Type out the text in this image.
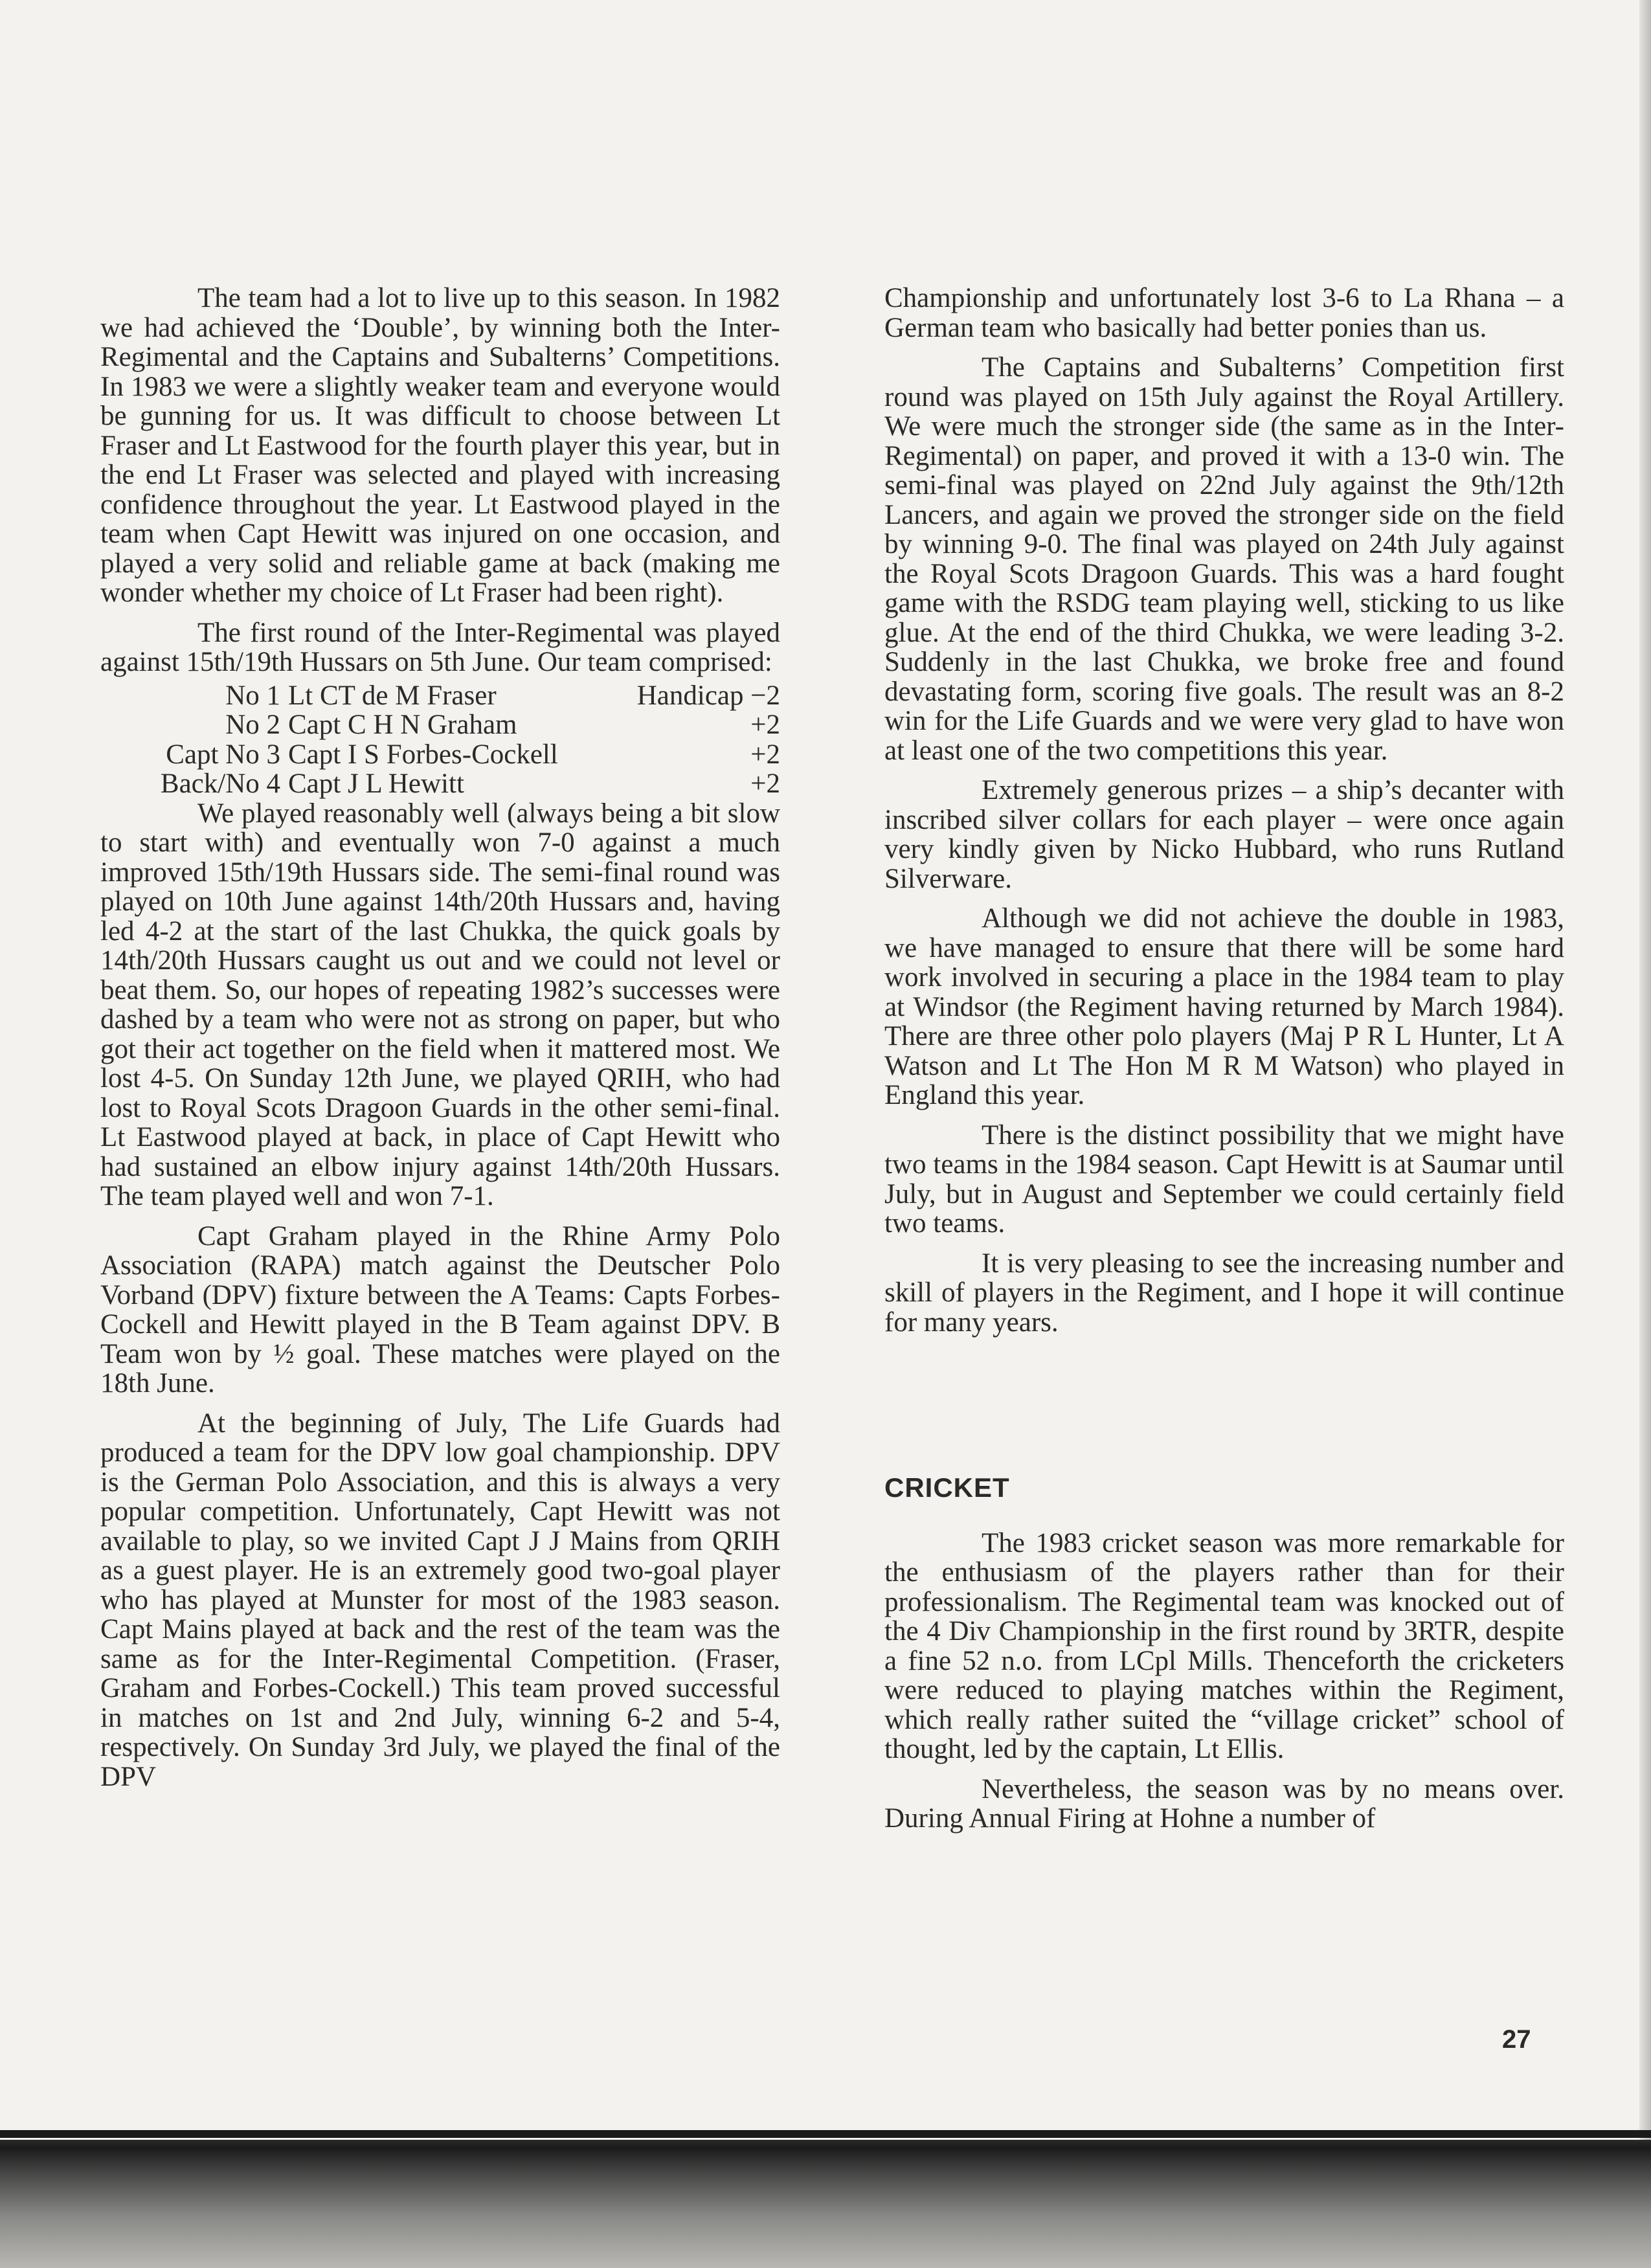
The team had a lot to live up to this season. In 1982 we had achieved the ‘Double’, by winning both the Inter-Regimental and the Captains and Subalterns’ Competitions. In 1983 we were a slightly weaker team and everyone would be gunning for us. It was difficult to choose between Lt Fraser and Lt Eastwood for the fourth player this year, but in the end Lt Fraser was selected and played with increasing confidence throughout the year. Lt Eastwood played in the team when Capt Hewitt was injured on one occasion, and played a very solid and reliable game at back (making me wonder whether my choice of Lt Fraser had been right).

The first round of the Inter-Regimental was played against 15th/19th Hussars on 5th June. Our team comprised:

No 1 Lt CT de M Fraser	Handicap −2
No 2 Capt C H N Graham	+2
Capt No 3 Capt I S Forbes-Cockell	+2
Back/No 4 Capt J L Hewitt	+2

We played reasonably well (always being a bit slow to start with) and eventually won 7-0 against a much improved 15th/19th Hussars side. The semi-final round was played on 10th June against 14th/20th Hussars and, having led 4-2 at the start of the last Chukka, the quick goals by 14th/20th Hussars caught us out and we could not level or beat them. So, our hopes of repeating 1982’s successes were dashed by a team who were not as strong on paper, but who got their act together on the field when it mattered most. We lost 4-5. On Sunday 12th June, we played QRIH, who had lost to Royal Scots Dragoon Guards in the other semi-final. Lt Eastwood played at back, in place of Capt Hewitt who had sustained an elbow injury against 14th/20th Hussars. The team played well and won 7-1.

Capt Graham played in the Rhine Army Polo Association (RAPA) match against the Deutscher Polo Vorband (DPV) fixture between the A Teams: Capts Forbes-Cockell and Hewitt played in the B Team against DPV. B Team won by ½ goal. These matches were played on the 18th June.

At the beginning of July, The Life Guards had produced a team for the DPV low goal championship. DPV is the German Polo Association, and this is always a very popular competition. Unfortunately, Capt Hewitt was not available to play, so we invited Capt J J Mains from QRIH as a guest player. He is an extremely good two-goal player who has played at Munster for most of the 1983 season. Capt Mains played at back and the rest of the team was the same as for the Inter-Regimental Competition. (Fraser, Graham and Forbes-Cockell.) This team proved successful in matches on 1st and 2nd July, winning 6-2 and 5-4, respectively. On Sunday 3rd July, we played the final of the DPV

Championship and unfortunately lost 3-6 to La Rhana – a German team who basically had better ponies than us.

The Captains and Subalterns’ Competition first round was played on 15th July against the Royal Artillery. We were much the stronger side (the same as in the Inter-Regimental) on paper, and proved it with a 13-0 win. The semi-final was played on 22nd July against the 9th/12th Lancers, and again we proved the stronger side on the field by winning 9-0. The final was played on 24th July against the Royal Scots Dragoon Guards. This was a hard fought game with the RSDG team playing well, sticking to us like glue. At the end of the third Chukka, we were leading 3-2. Suddenly in the last Chukka, we broke free and found devastating form, scoring five goals. The result was an 8-2 win for the Life Guards and we were very glad to have won at least one of the two competitions this year.

Extremely generous prizes – a ship’s decanter with inscribed silver collars for each player – were once again very kindly given by Nicko Hubbard, who runs Rutland Silverware.

Although we did not achieve the double in 1983, we have managed to ensure that there will be some hard work involved in securing a place in the 1984 team to play at Windsor (the Regiment having returned by March 1984). There are three other polo players (Maj P R L Hunter, Lt A Watson and Lt The Hon M R M Watson) who played in England this year.

There is the distinct possibility that we might have two teams in the 1984 season. Capt Hewitt is at Saumar until July, but in August and September we could certainly field two teams.

It is very pleasing to see the increasing number and skill of players in the Regiment, and I hope it will continue for many years.

CRICKET

The 1983 cricket season was more remarkable for the enthusiasm of the players rather than for their professionalism. The Regimental team was knocked out of the 4 Div Championship in the first round by 3RTR, despite a fine 52 n.o. from LCpl Mills. Thenceforth the cricketers were reduced to playing matches within the Regiment, which really rather suited the “village cricket” school of thought, led by the captain, Lt Ellis.

Nevertheless, the season was by no means over. During Annual Firing at Hohne a number of

27
